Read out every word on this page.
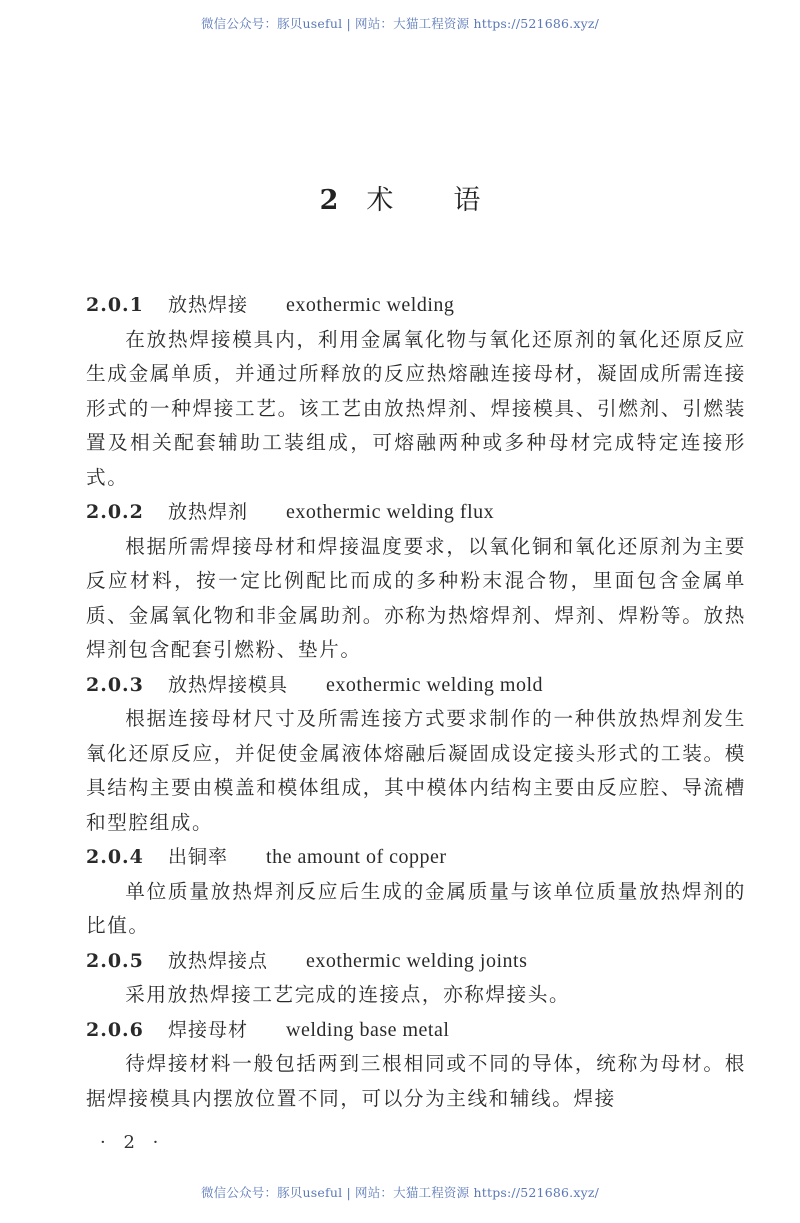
微信公众号：豚贝useful | 网站：大猫工程资源 https://521686.xyz/
2 术 语
2.0.1 放热焊接 exothermic welding
在放热焊接模具内，利用金属氧化物与氧化还原剂的氧化还原反应生成金属单质，并通过所释放的反应热熔融连接母材，凝固成所需连接形式的一种焊接工艺。该工艺由放热焊剂、焊接模具、引燃剂、引燃装置及相关配套辅助工装组成，可熔融两种或多种母材完成特定连接形式。
2.0.2 放热焊剂 exothermic welding flux
根据所需焊接母材和焊接温度要求，以氧化铜和氧化还原剂为主要反应材料，按一定比例配比而成的多种粉末混合物，里面包含金属单质、金属氧化物和非金属助剂。亦称为热熔焊剂、焊剂、焊粉等。放热焊剂包含配套引燃粉、垫片。
2.0.3 放热焊接模具 exothermic welding mold
根据连接母材尺寸及所需连接方式要求制作的一种供放热焊剂发生氧化还原反应，并促使金属液体熔融后凝固成设定接头形式的工装。模具结构主要由模盖和模体组成，其中模体内结构主要由反应腔、导流槽和型腔组成。
2.0.4 出铜率 the amount of copper
单位质量放热焊剂反应后生成的金属质量与该单位质量放热焊剂的比值。
2.0.5 放热焊接点 exothermic welding joints
采用放热焊接工艺完成的连接点，亦称焊接头。
2.0.6 焊接母材 welding base metal
待焊接材料一般包括两到三根相同或不同的导体，统称为母材。根据焊接模具内摆放位置不同，可以分为主线和辅线。焊接
· 2 ·
微信公众号：豚贝useful | 网站：大猫工程资源 https://521686.xyz/
